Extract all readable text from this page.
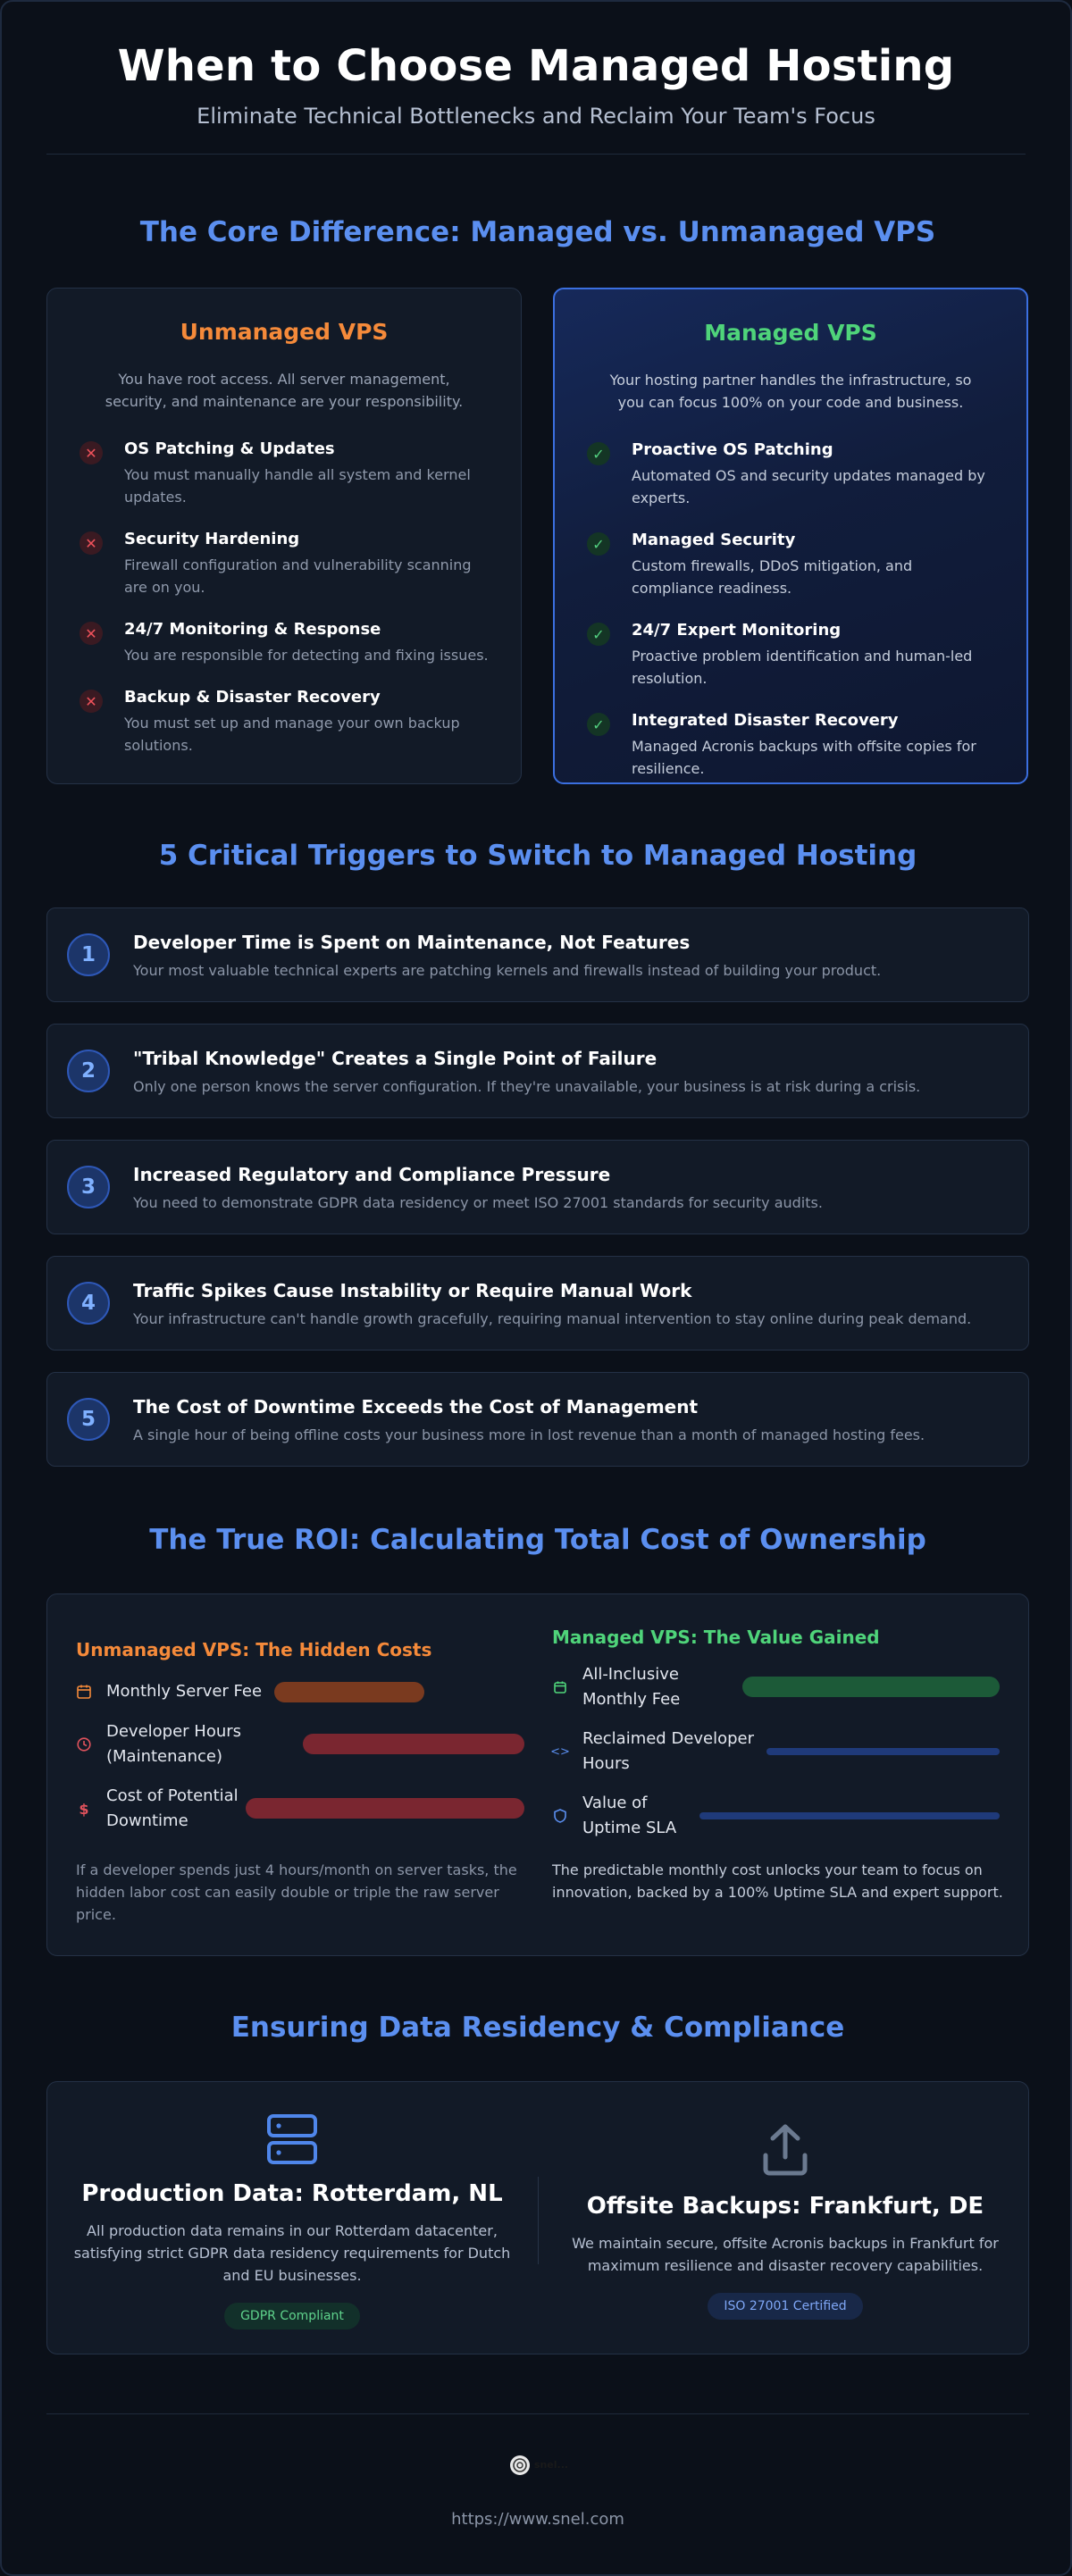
When to Choose Managed Hosting

Eliminate Technical Bottlenecks and Reclaim Your Team's Focus

The Core Difference: Managed vs. Unmanaged VPS
Unmanaged VPS
You have root access. All server management, security, and maintenance are your responsibility.
✕	OS Patching & Updates
You must manually handle all system and kernel updates.
✕	Security Hardening
Firewall configuration and vulnerability scanning are on you.
✕	24/7 Monitoring & Response
You are responsible for detecting and fixing issues.
✕	Backup & Disaster Recovery
You must set up and manage your own backup solutions.
Managed VPS
Your hosting partner handles the infrastructure, so you can focus 100% on your code and business.
✓	Proactive OS Patching
Automated OS and security updates managed by experts.
✓	Managed Security
Custom firewalls, DDoS mitigation, and compliance readiness.
✓	24/7 Expert Monitoring
Proactive problem identification and human-led resolution.
✓	Integrated Disaster Recovery
Managed Acronis backups with offsite copies for resilience.
5 Critical Triggers to Switch to Managed Hosting
1
Developer Time is Spent on Maintenance, Not Features
Your most valuable technical experts are patching kernels and firewalls instead of building your product.
2
"Tribal Knowledge" Creates a Single Point of Failure
Only one person knows the server configuration. If they're unavailable, your business is at risk during a crisis.
3
Increased Regulatory and Compliance Pressure
You need to demonstrate GDPR data residency or meet ISO 27001 standards for security audits.
4
Traffic Spikes Cause Instability or Require Manual Work
Your infrastructure can't handle growth gracefully, requiring manual intervention to stay online during peak demand.
5
The Cost of Downtime Exceeds the Cost of Management
A single hour of being offline costs your business more in lost revenue than a month of managed hosting fees.
The True ROI: Calculating Total Cost of Ownership
Unmanaged VPS: The Hidden Costs
Monthly Server Fee
Developer Hours (Maintenance)
$
Cost of Potential Downtime
If a developer spends just 4 hours/month on server tasks, the hidden labor cost can easily double or triple the raw server price.
Managed VPS: The Value Gained
All-Inclusive Monthly Fee
<>
Reclaimed Developer Hours
Value of Uptime SLA
The predictable monthly cost unlocks your team to focus on innovation, backed by a 100% Uptime SLA and expert support.
Ensuring Data Residency & Compliance
Production Data: Rotterdam, NL
All production data remains in our Rotterdam datacenter, satisfying strict GDPR data residency requirements for Dutch and EU businesses.
GDPR Compliant
Offsite Backups: Frankfurt, DE
We maintain secure, offsite Acronis backups in Frankfurt for maximum resilience and disaster recovery capabilities.
ISO 27001 Certified
snel...
https://www.snel.com
